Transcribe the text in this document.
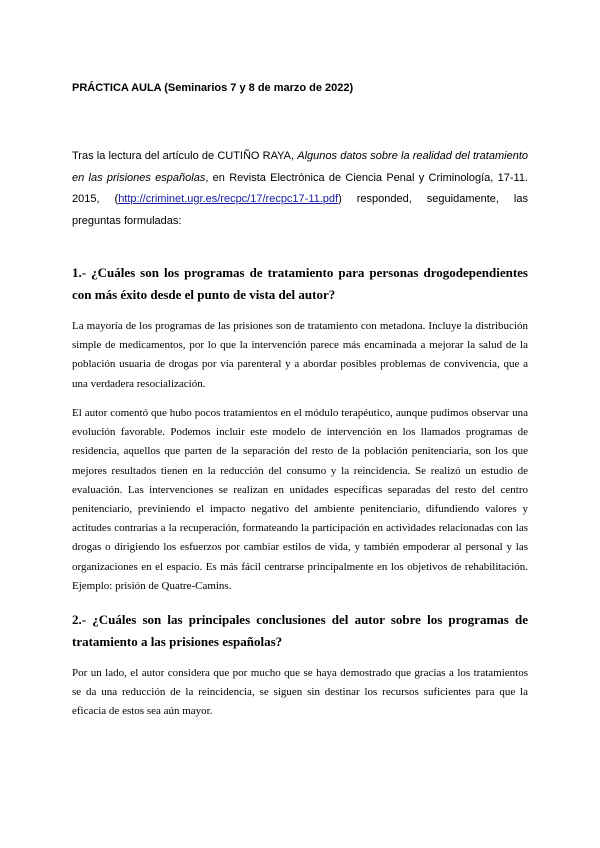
PRÁCTICA AULA (Seminarios 7 y 8 de marzo de 2022)

Tras la lectura del artículo de CUTIÑO RAYA, Algunos datos sobre la realidad del tratamiento en las prisiones españolas, en Revista Electrónica de Ciencia Penal y Criminología, 17-11. 2015, (http://criminet.ugr.es/recpc/17/recpc17-11.pdf) responded, seguidamente, las preguntas formuladas:

1.- ¿Cuáles son los programas de tratamiento para personas drogodependientes con más éxito desde el punto de vista del autor?

La mayoría de los programas de las prisiones son de tratamiento con metadona. Incluye la distribución simple de medicamentos, por lo que la intervención parece más encaminada a mejorar la salud de la población usuaria de drogas por vía parenteral y a abordar posibles problemas de convivencia, que a una verdadera resocialización.

El autor comentó que hubo pocos tratamientos en el módulo terapéutico, aunque pudimos observar una evolución favorable. Podemos incluir este modelo de intervención en los llamados programas de residencia, aquellos que parten de la separación del resto de la población penitenciaria, son los que mejores resultados tienen en la reducción del consumo y la reincidencia. Se realizó un estudio de evaluación. Las intervenciones se realizan en unidades específicas separadas del resto del centro penitenciario, previniendo el impacto negativo del ambiente penitenciario, difundiendo valores y actitudes contrarias a la recuperación, formateando la participación en actividades relacionadas con las drogas o dirigiendo los esfuerzos por cambiar estilos de vida, y también empoderar al personal y las organizaciones en el espacio. Es más fácil centrarse principalmente en los objetivos de rehabilitación. Ejemplo: prisión de Quatre-Camins.

2.- ¿Cuáles son las principales conclusiones del autor sobre los programas de tratamiento a las prisiones españolas?

Por un lado, el autor considera que por mucho que se haya demostrado que gracias a los tratamientos se da una reducción de la reincidencia, se siguen sin destinar los recursos suficientes para que la eficacia de estos sea aún mayor.
